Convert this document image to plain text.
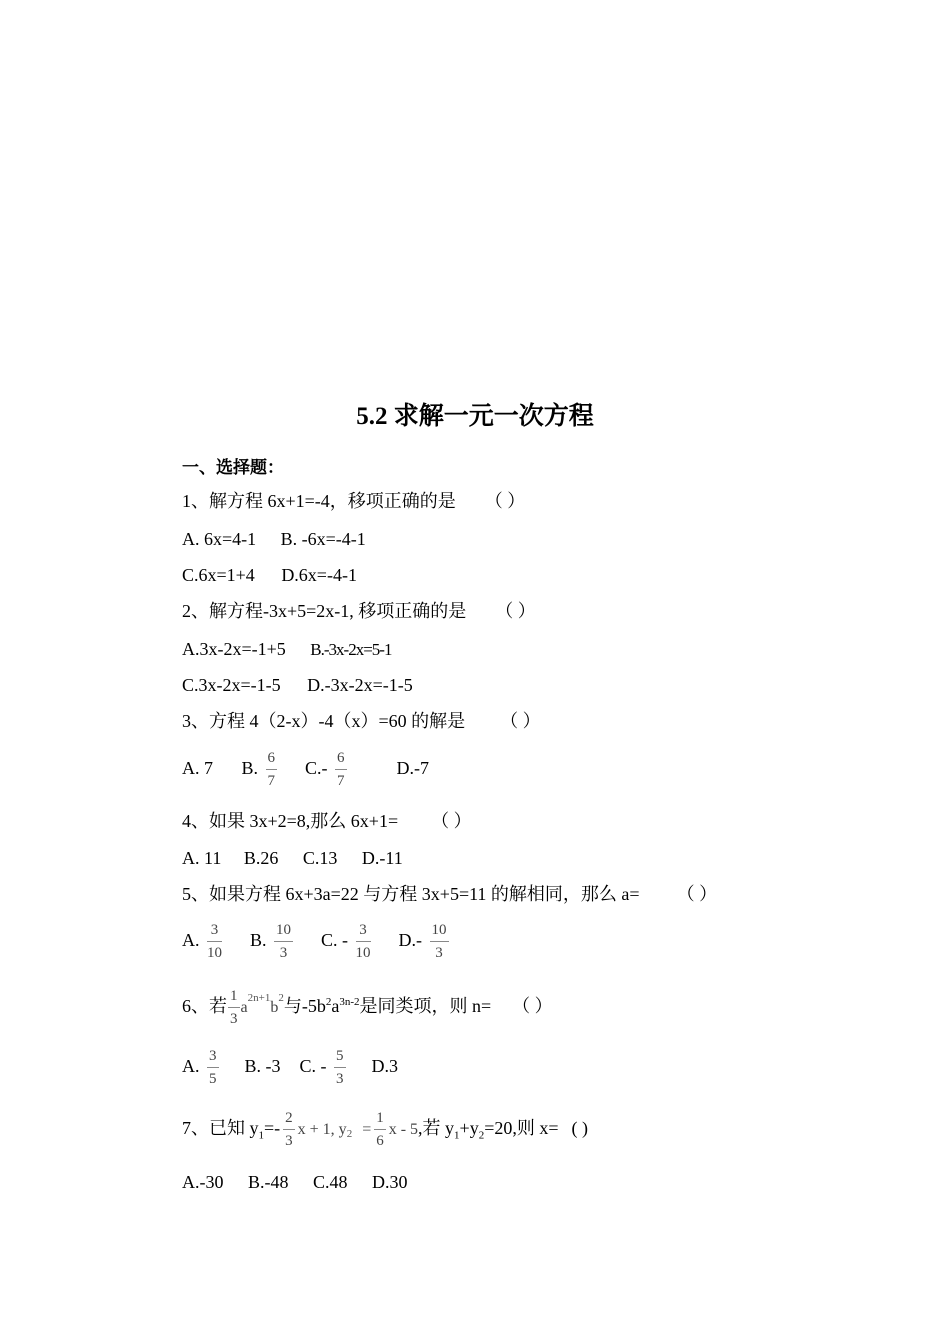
5.2 求解一元一次方程
一、选择题：
1、解方程 6x+1=-4，移项正确的是 （ ）
A. 6x=4-1 B. -6x=-4-1
C.6x=1+4 D.6x=-4-1
2、解方程-3x+5=2x-1, 移项正确的是 （ ）
A.3x-2x=-1+5 B.-3x-2x=5-1
C.3x-2x=-1-5 D.-3x-2x=-1-5
3、方程 4（2-x）-4（x）=60 的解是 （ ）
A. 7 B. $\frac{6}{7} C.- \frac{6}{7}$	D.-7
4、如果 3x+2=8,那么 6x+1= （ ）
A. 11 B.26 C.13 D.-11
5、如果方程 6x+3a=22 与方程 3x+5=11 的解相同，那么 a= （ ）
A. $\frac{3}{10} B$. $\frac{10}{3} C$. - $\frac{3}{10} D.- \frac{10}{3}$
6、若 $\frac{1}{3} a^{2n+1}b^2$与$-5b^2a^{3n-2}$是同类项，则 n= （ ）
A. $\frac{3}{5} B$. -3 C. - $\frac{5}{3} D.3$
7、已知 $y_1=- \frac{2}{3}$ x + 1, $y^2 = \frac{1}{6}$ x - 5,若 $y_1+y_2=20$,则 x= ( )
A.-30 B.-48 C.48 D.30
